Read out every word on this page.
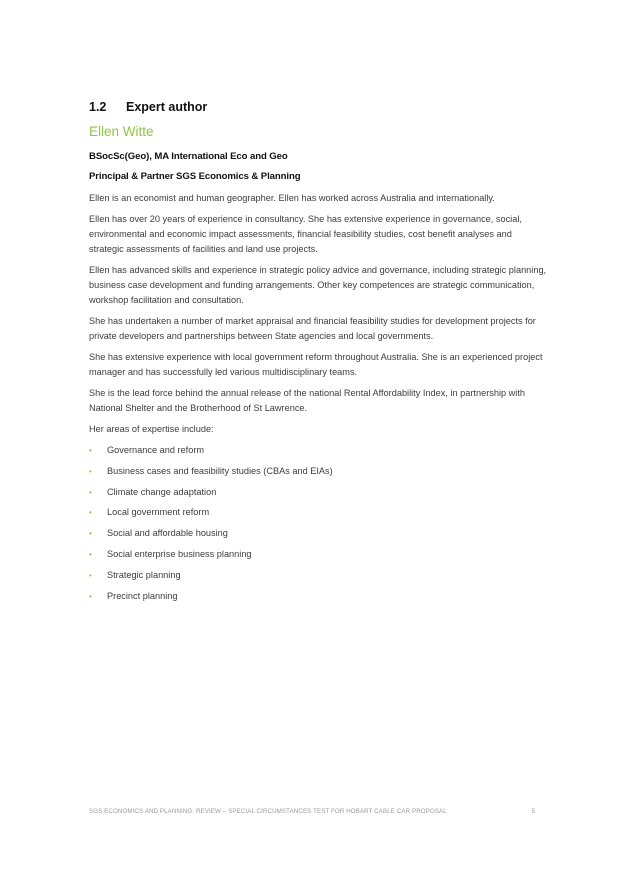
1.2	Expert author
Ellen Witte

BSocSc(Geo), MA International Eco and Geo

Principal & Partner SGS Economics & Planning

Ellen is an economist and human geographer. Ellen has worked across Australia and internationally.

Ellen has over 20 years of experience in consultancy. She has extensive experience in governance, social, environmental and economic impact assessments, financial feasibility studies, cost benefit analyses and strategic assessments of facilities and land use projects.

Ellen has advanced skills and experience in strategic policy advice and governance, including strategic planning, business case development and funding arrangements. Other key competences are strategic communication, workshop facilitation and consultation.

She has undertaken a number of market appraisal and financial feasibility studies for development projects for private developers and partnerships between State agencies and local governments.

She has extensive experience with local government reform throughout Australia. She is an experienced project manager and has successfully led various multidisciplinary teams.

She is the lead force behind the annual release of the national Rental Affordability Index, in partnership with National Shelter and the Brotherhood of St Lawrence.

Her areas of expertise include:

•	Governance and reform
•	Business cases and feasibility studies (CBAs and EIAs)
•	Climate change adaptation
•	Local government reform
•	Social and affordable housing
•	Social enterprise business planning
•	Strategic planning
•	Precinct planning
SGS ECONOMICS AND PLANNING: REVIEW – SPECIAL CIRCUMSTANCES TEST FOR HOBART CABLE CAR PROPOSAL	5
